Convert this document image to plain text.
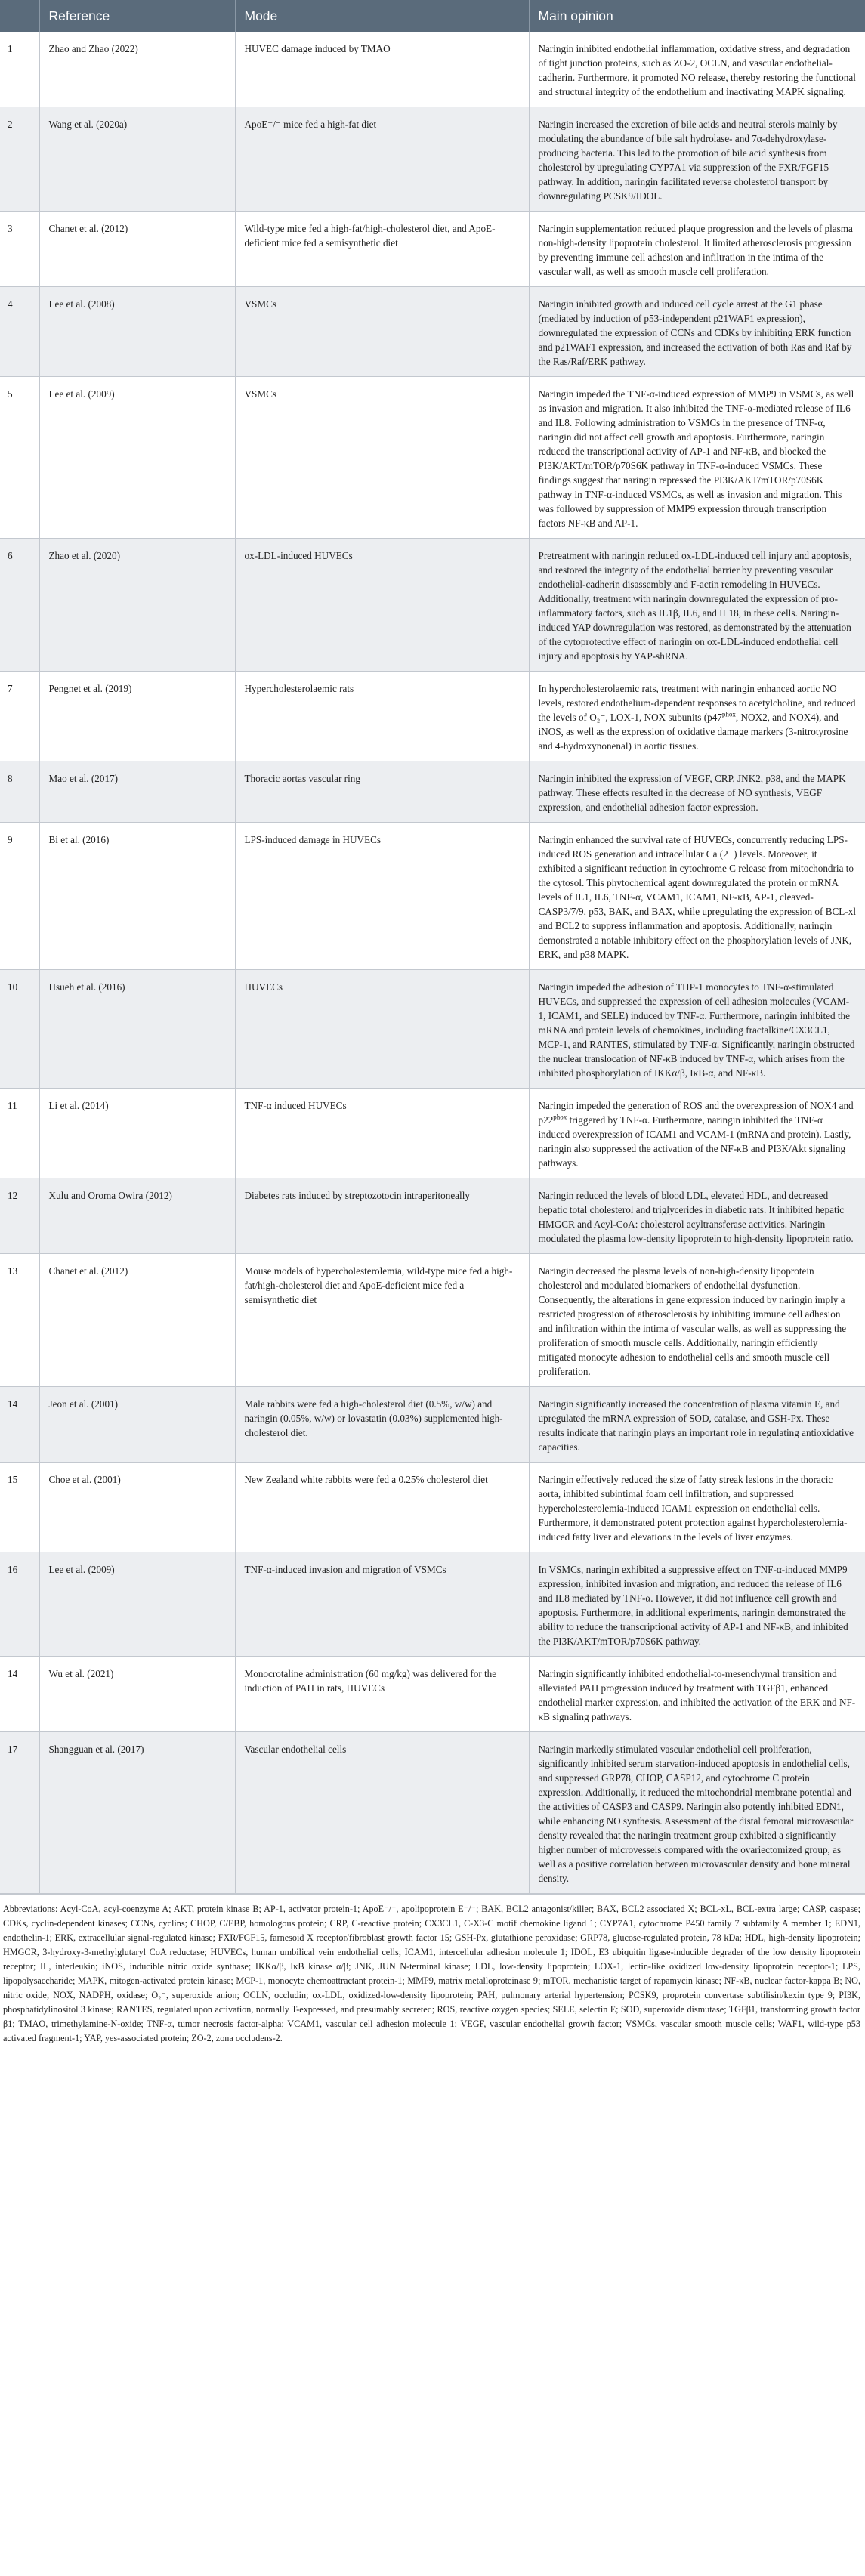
	Reference	Mode	Main opinion
1	Zhao and Zhao (2022)	HUVEC damage induced by TMAO	Naringin inhibited endothelial inflammation, oxidative stress, and degradation of tight junction proteins, such as ZO-2, OCLN, and vascular endothelial-cadherin. Furthermore, it promoted NO release, thereby restoring the functional and structural integrity of the endothelium and inactivating MAPK signaling.
2	Wang et al. (2020a)	ApoE⁻/⁻ mice fed a high-fat diet	Naringin increased the excretion of bile acids and neutral sterols mainly by modulating the abundance of bile salt hydrolase- and 7α-dehydroxylase-producing bacteria. This led to the promotion of bile acid synthesis from cholesterol by upregulating CYP7A1 via suppression of the FXR/FGF15 pathway. In addition, naringin facilitated reverse cholesterol transport by downregulating PCSK9/IDOL.
3	Chanet et al. (2012)	Wild-type mice fed a high-fat/high-cholesterol diet, and ApoE-deficient mice fed a semisynthetic diet	Naringin supplementation reduced plaque progression and the levels of plasma non-high-density lipoprotein cholesterol. It limited atherosclerosis progression by preventing immune cell adhesion and infiltration in the intima of the vascular wall, as well as smooth muscle cell proliferation.
4	Lee et al. (2008)	VSMCs	Naringin inhibited growth and induced cell cycle arrest at the G1 phase (mediated by induction of p53-independent p21WAF1 expression), downregulated the expression of CCNs and CDKs by inhibiting ERK function and p21WAF1 expression, and increased the activation of both Ras and Raf by the Ras/Raf/ERK pathway.
5	Lee et al. (2009)	VSMCs	Naringin impeded the TNF-α-induced expression of MMP9 in VSMCs, as well as invasion and migration. It also inhibited the TNF-α-mediated release of IL6 and IL8. Following administration to VSMCs in the presence of TNF-α, naringin did not affect cell growth and apoptosis. Furthermore, naringin reduced the transcriptional activity of AP-1 and NF-κB, and blocked the PI3K/AKT/mTOR/p70S6K pathway in TNF-α-induced VSMCs. These findings suggest that naringin repressed the PI3K/AKT/mTOR/p70S6K pathway in TNF-α-induced VSMCs, as well as invasion and migration. This was followed by suppression of MMP9 expression through transcription factors NF-κB and AP-1.
6	Zhao et al. (2020)	ox-LDL-induced HUVECs	Pretreatment with naringin reduced ox-LDL-induced cell injury and apoptosis, and restored the integrity of the endothelial barrier by preventing vascular endothelial-cadherin disassembly and F-actin remodeling in HUVECs. Additionally, treatment with naringin downregulated the expression of pro-inflammatory factors, such as IL1β, IL6, and IL18, in these cells. Naringin-induced YAP downregulation was restored, as demonstrated by the attenuation of the cytoprotective effect of naringin on ox-LDL-induced endothelial cell injury and apoptosis by YAP-shRNA.
7	Pengnet et al. (2019)	Hypercholesterolaemic rats	In hypercholesterolaemic rats, treatment with naringin enhanced aortic NO levels, restored endothelium-dependent responses to acetylcholine, and reduced the levels of O₂⁻, LOX-1, NOX subunits ($p47^{phox}$, NOX2, and NOX4), and iNOS, as well as the expression of oxidative damage markers (3-nitrotyrosine and 4-hydroxynonenal) in aortic tissues.
8	Mao et al. (2017)	Thoracic aortas vascular ring	Naringin inhibited the expression of VEGF, CRP, JNK2, p38, and the MAPK pathway. These effects resulted in the decrease of NO synthesis, VEGF expression, and endothelial adhesion factor expression.
9	Bi et al. (2016)	LPS-induced damage in HUVECs	Naringin enhanced the survival rate of HUVECs, concurrently reducing LPS-induced ROS generation and intracellular Ca (2+) levels. Moreover, it exhibited a significant reduction in cytochrome C release from mitochondria to the cytosol. This phytochemical agent downregulated the protein or mRNA levels of IL1, IL6, TNF-α, VCAM1, ICAM1, NF-κB, AP-1, cleaved-CASP3/7/9, p53, BAK, and BAX, while upregulating the expression of BCL-xl and BCL2 to suppress inflammation and apoptosis. Additionally, naringin demonstrated a notable inhibitory effect on the phosphorylation levels of JNK, ERK, and p38 MAPK.
10	Hsueh et al. (2016)	HUVECs	Naringin impeded the adhesion of THP-1 monocytes to TNF-α-stimulated HUVECs, and suppressed the expression of cell adhesion molecules (VCAM-1, ICAM1, and SELE) induced by TNF-α. Furthermore, naringin inhibited the mRNA and protein levels of chemokines, including fractalkine/CX3CL1, MCP-1, and RANTES, stimulated by TNF-α. Significantly, naringin obstructed the nuclear translocation of NF-κB induced by TNF-α, which arises from the inhibited phosphorylation of IKKα/β, IκB-α, and NF-κB.
11	Li et al. (2014)	TNF-α induced HUVECs	Naringin impeded the generation of ROS and the overexpression of NOX4 and $p22^{phox}$ triggered by TNF-α. Furthermore, naringin inhibited the TNF-α induced overexpression of ICAM1 and VCAM-1 (mRNA and protein). Lastly, naringin also suppressed the activation of the NF-κB and PI3K/Akt signaling pathways.
12	Xulu and Oroma Owira (2012)	Diabetes rats induced by streptozotocin intraperitoneally	Naringin reduced the levels of blood LDL, elevated HDL, and decreased hepatic total cholesterol and triglycerides in diabetic rats. It inhibited hepatic HMGCR and Acyl-CoA: cholesterol acyltransferase activities. Naringin modulated the plasma low-density lipoprotein to high-density lipoprotein ratio.
13	Chanet et al. (2012)	Mouse models of hypercholesterolemia, wild-type mice fed a high-fat/high-cholesterol diet and ApoE-deficient mice fed a semisynthetic diet	Naringin decreased the plasma levels of non-high-density lipoprotein cholesterol and modulated biomarkers of endothelial dysfunction. Consequently, the alterations in gene expression induced by naringin imply a restricted progression of atherosclerosis by inhibiting immune cell adhesion and infiltration within the intima of vascular walls, as well as suppressing the proliferation of smooth muscle cells. Additionally, naringin efficiently mitigated monocyte adhesion to endothelial cells and smooth muscle cell proliferation.
14	Jeon et al. (2001)	Male rabbits were fed a high-cholesterol diet (0.5%, w/w) and naringin (0.05%, w/w) or lovastatin (0.03%) supplemented high-cholesterol diet.	Naringin significantly increased the concentration of plasma vitamin E, and upregulated the mRNA expression of SOD, catalase, and GSH-Px. These results indicate that naringin plays an important role in regulating antioxidative capacities.
15	Choe et al. (2001)	New Zealand white rabbits were fed a 0.25% cholesterol diet	Naringin effectively reduced the size of fatty streak lesions in the thoracic aorta, inhibited subintimal foam cell infiltration, and suppressed hypercholesterolemia-induced ICAM1 expression on endothelial cells. Furthermore, it demonstrated potent protection against hypercholesterolemia-induced fatty liver and elevations in the levels of liver enzymes.
16	Lee et al. (2009)	TNF-α-induced invasion and migration of VSMCs	In VSMCs, naringin exhibited a suppressive effect on TNF-α-induced MMP9 expression, inhibited invasion and migration, and reduced the release of IL6 and IL8 mediated by TNF-α. However, it did not influence cell growth and apoptosis. Furthermore, in additional experiments, naringin demonstrated the ability to reduce the transcriptional activity of AP-1 and NF-κB, and inhibited the PI3K/AKT/mTOR/p70S6K pathway.
14	Wu et al. (2021)	Monocrotaline administration (60 mg/kg) was delivered for the induction of PAH in rats, HUVECs	Naringin significantly inhibited endothelial-to-mesenchymal transition and alleviated PAH progression induced by treatment with TGFβ1, enhanced endothelial marker expression, and inhibited the activation of the ERK and NF-κB signaling pathways.
17	Shangguan et al. (2017)	Vascular endothelial cells	Naringin markedly stimulated vascular endothelial cell proliferation, significantly inhibited serum starvation-induced apoptosis in endothelial cells, and suppressed GRP78, CHOP, CASP12, and cytochrome C protein expression. Additionally, it reduced the mitochondrial membrane potential and the activities of CASP3 and CASP9. Naringin also potently inhibited EDN1, while enhancing NO synthesis. Assessment of the distal femoral microvascular density revealed that the naringin treatment group exhibited a significantly higher number of microvessels compared with the ovariectomized group, as well as a positive correlation between microvascular density and bone mineral density.
Abbreviations: Acyl-CoA, acyl-coenzyme A; AKT, protein kinase B; AP-1, activator protein-1; ApoE⁻/⁻, apolipoprotein E⁻/⁻; BAK, BCL2 antagonist/killer; BAX, BCL2 associated X; BCL-xL, BCL-extra large; CASP, caspase; CDKs, cyclin-dependent kinases; CCNs, cyclins; CHOP, C/EBP, homologous protein; CRP, C-reactive protein; CX3CL1, C-X3-C motif chemokine ligand 1; CYP7A1, cytochrome P450 family 7 subfamily A member 1; EDN1, endothelin-1; ERK, extracellular signal-regulated kinase; FXR/FGF15, farnesoid X receptor/fibroblast growth factor 15; GSH-Px, glutathione peroxidase; GRP78, glucose-regulated protein, 78 kDa; HDL, high-density lipoprotein; HMGCR, 3-hydroxy-3-methylglutaryl CoA reductase; HUVECs, human umbilical vein endothelial cells; ICAM1, intercellular adhesion molecule 1; IDOL, E3 ubiquitin ligase-inducible degrader of the low density lipoprotein receptor; IL, interleukin; iNOS, inducible nitric oxide synthase; IKKα/β, IκB kinase α/β; JNK, JUN N-terminal kinase; LDL, low-density lipoprotein; LOX-1, lectin-like oxidized low-density lipoprotein receptor-1; LPS, lipopolysaccharide; MAPK, mitogen-activated protein kinase; MCP-1, monocyte chemoattractant protein-1; MMP9, matrix metalloproteinase 9; mTOR, mechanistic target of rapamycin kinase; NF-κB, nuclear factor-kappa B; NO, nitric oxide; NOX, NADPH, oxidase; O₂⁻, superoxide anion; OCLN, occludin; ox-LDL, oxidized-low-density lipoprotein; PAH, pulmonary arterial hypertension; PCSK9, proprotein convertase subtilisin/kexin type 9; PI3K, phosphatidylinositol 3 kinase; RANTES, regulated upon activation, normally T-expressed, and presumably secreted; ROS, reactive oxygen species; SELE, selectin E; SOD, superoxide dismutase; TGFβ1, transforming growth factor β1; TMAO, trimethylamine-N-oxide; TNF-α, tumor necrosis factor-alpha; VCAM1, vascular cell adhesion molecule 1; VEGF, vascular endothelial growth factor; VSMCs, vascular smooth muscle cells; WAF1, wild-type p53 activated fragment-1; YAP, yes-associated protein; ZO-2, zona occludens-2.
